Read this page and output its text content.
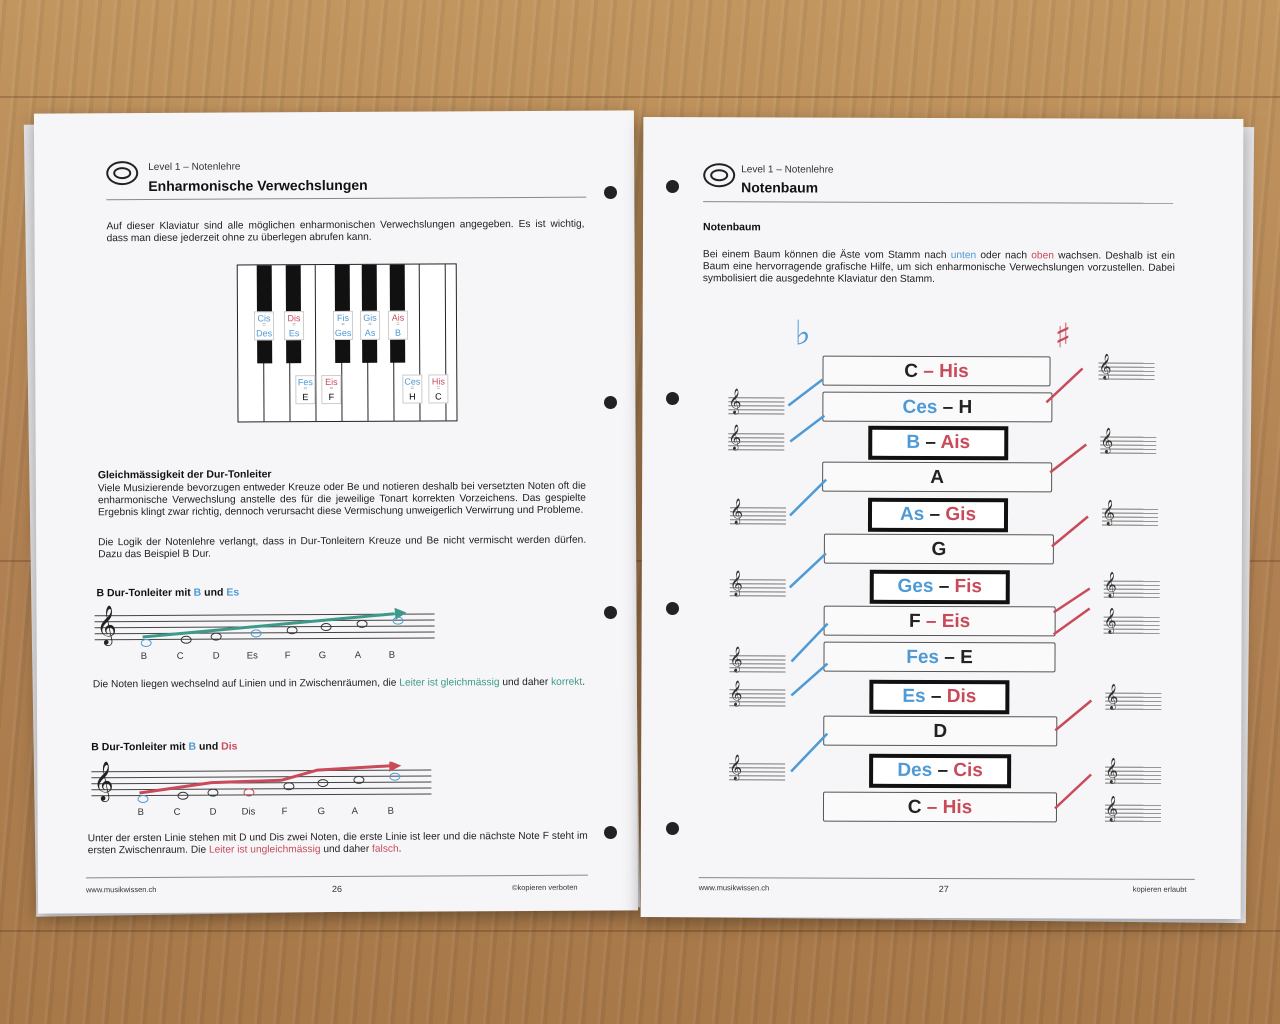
Level 1 – Notenlehre
Enharmonische Verwechslungen
Auf dieser Klaviatur sind alle möglichen enharmonischen Verwechslungen angegeben. Es ist wichtig, dass man diese jederzeit ohne zu überlegen abrufen kann.
Cis
=
Des
Dis
=
Es
Fis
=
Ges
Gis
=
As
Ais
=
B
Fes
=
E
Eis
=
F
Ces
=
H
His
=
C
Gleichmässigkeit der Dur-Tonleiter
Viele Musizierende bevorzugen entweder Kreuze oder Be und notieren deshalb bei versetzten Noten oft die enharmonische Verwechslung anstelle des für die jeweilige Tonart korrekten Vorzeichens. Das gespielte Ergebnis klingt zwar richtig, dennoch verursacht diese Vermischung unweigerlich Verwirrung und Probleme.
Die Logik der Notenlehre verlangt, dass in Dur-Tonleitern Kreuze und Be nicht vermischt werden dürfen. Dazu das Beispiel B Dur.
B Dur-Tonleiter mit B und Es
𝄞
B	C	D	Es	F	G	A	B
Die Noten liegen wechselnd auf Linien und in Zwischenräumen, die Leiter ist gleichmässig und daher korrekt.
B Dur-Tonleiter mit B und Dis
𝄞
B	C	D	Dis	F	G	A	B
Unter der ersten Linie stehen mit D und Dis zwei Noten, die erste Linie ist leer und die nächste Note F steht im ersten Zwischenraum. Die Leiter ist ungleichmässig und daher falsch.
www.musikwissen.ch	26	©kopieren verboten
Level 1 – Notenlehre
Notenbaum
Notenbaum
Bei einem Baum können die Äste vom Stamm nach unten oder nach oben wachsen. Deshalb ist ein Baum eine hervorragende grafische Hilfe, um sich enharmonische Verwechslungen vorzustellen. Dabei symbolisiert die ausgedehnte Klaviatur den Stamm.
♭	♯
C – His
Ces – H
B – Ais
A
As – Gis
G
Ges – Fis
F – Eis
Fes – E
Es – Dis
D
Des – Cis
C – His
𝄞
𝄞
𝄞
𝄞
𝄞
𝄞
𝄞
𝄞
𝄞
𝄞
𝄞
𝄞
𝄞
𝄞
𝄞
www.musikwissen.ch	27	kopieren erlaubt
